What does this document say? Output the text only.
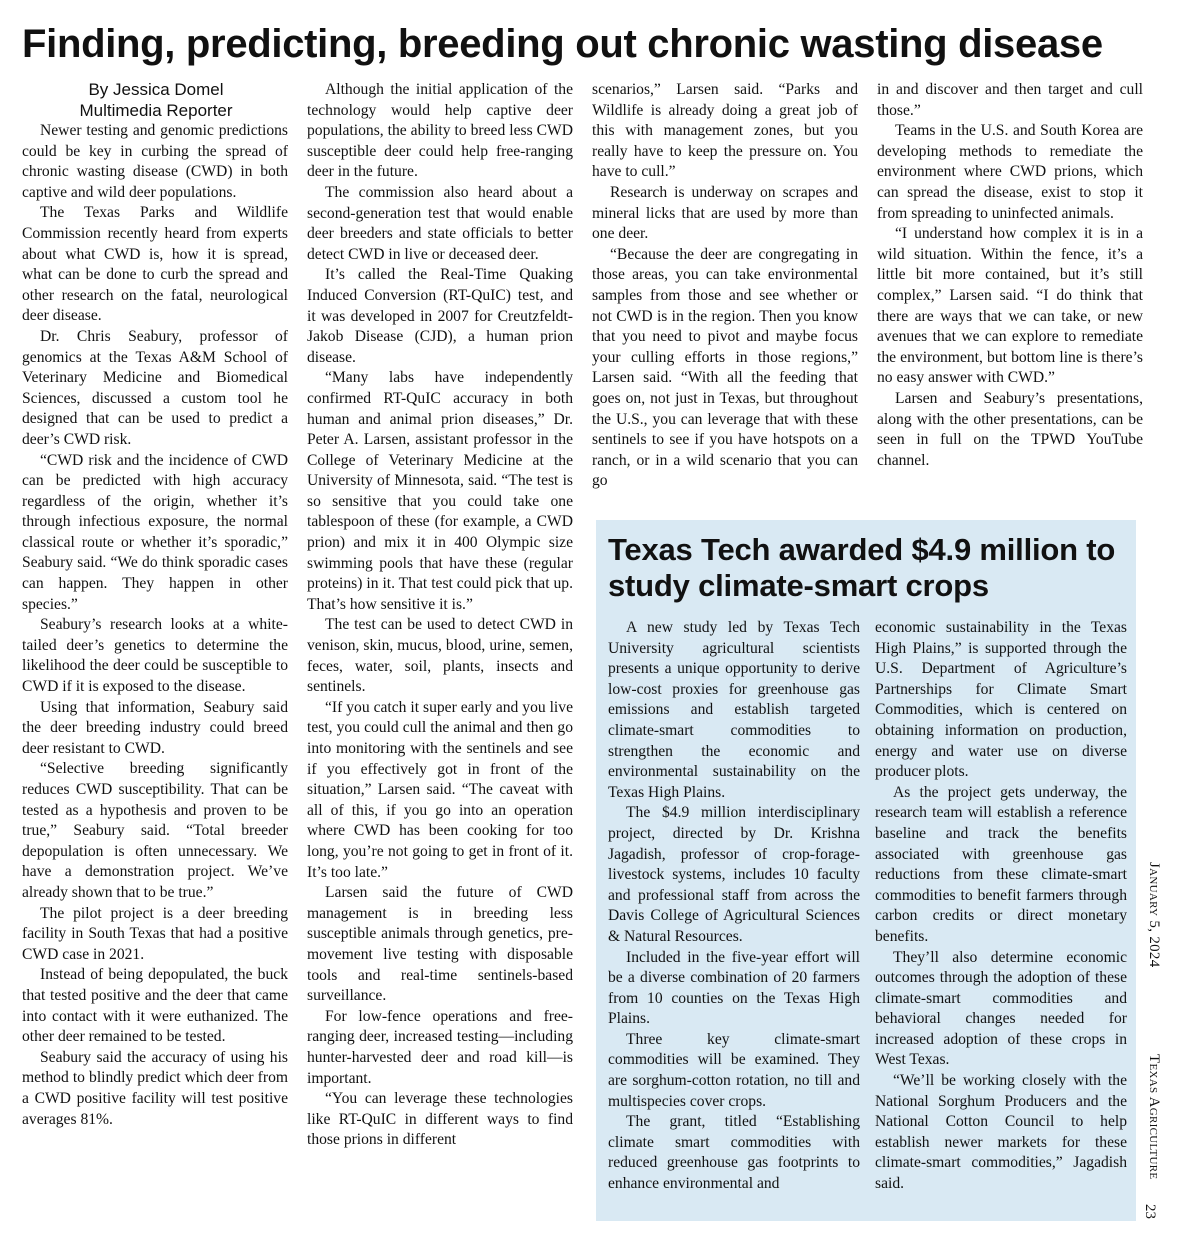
Finding, predicting, breeding out chronic wasting disease
By Jessica Domel
Multimedia Reporter

Newer testing and genomic predictions could be key in curbing the spread of chronic wasting disease (CWD) in both captive and wild deer populations.

The Texas Parks and Wildlife Commission recently heard from experts about what CWD is, how it is spread, what can be done to curb the spread and other research on the fatal, neurological deer disease.

Dr. Chris Seabury, professor of genomics at the Texas A&M School of Veterinary Medicine and Biomedical Sciences, discussed a custom tool he designed that can be used to predict a deer’s CWD risk.

“CWD risk and the incidence of CWD can be predicted with high accuracy regardless of the origin, whether it’s through infectious exposure, the normal classical route or whether it’s sporadic,” Seabury said. “We do think sporadic cases can happen. They happen in other species.”

Seabury’s research looks at a white-tailed deer’s genetics to determine the likelihood the deer could be susceptible to CWD if it is exposed to the disease.

Using that information, Seabury said the deer breeding industry could breed deer resistant to CWD.

“Selective breeding significantly reduces CWD susceptibility. That can be tested as a hypothesis and proven to be true,” Seabury said. “Total breeder depopulation is often unnecessary. We have a demonstration project. We’ve already shown that to be true.”

The pilot project is a deer breeding facility in South Texas that had a positive CWD case in 2021.

Instead of being depopulated, the buck that tested positive and the deer that came into contact with it were euthanized. The other deer remained to be tested.

Seabury said the accuracy of using his method to blindly predict which deer from a CWD positive facility will test positive averages 81%.

Although the initial application of the technology would help captive deer populations, the ability to breed less CWD susceptible deer could help free-ranging deer in the future.

The commission also heard about a second-generation test that would enable deer breeders and state officials to better detect CWD in live or deceased deer.

It’s called the Real-Time Quaking Induced Conversion (RT-QuIC) test, and it was developed in 2007 for Creutzfeldt-Jakob Disease (CJD), a human prion disease.

“Many labs have independently confirmed RT-QuIC accuracy in both human and animal prion diseases,” Dr. Peter A. Larsen, assistant professor in the College of Veterinary Medicine at the University of Minnesota, said. “The test is so sensitive that you could take one tablespoon of these (for example, a CWD prion) and mix it in 400 Olympic size swimming pools that have these (regular proteins) in it. That test could pick that up. That’s how sensitive it is.”

The test can be used to detect CWD in venison, skin, mucus, blood, urine, semen, feces, water, soil, plants, insects and sentinels.

“If you catch it super early and you live test, you could cull the animal and then go into monitoring with the sentinels and see if you effectively got in front of the situation,” Larsen said. “The caveat with all of this, if you go into an operation where CWD has been cooking for too long, you’re not going to get in front of it. It’s too late.”

Larsen said the future of CWD management is in breeding less susceptible animals through genetics, pre-movement live testing with disposable tools and real-time sentinels-based surveillance.

For low-fence operations and free-ranging deer, increased testing—including hunter-harvested deer and road kill—is important.

“You can leverage these technologies like RT-QuIC in different ways to find those prions in different

scenarios,” Larsen said. “Parks and Wildlife is already doing a great job of this with management zones, but you really have to keep the pressure on. You have to cull.”

Research is underway on scrapes and mineral licks that are used by more than one deer.

“Because the deer are congregating in those areas, you can take environmental samples from those and see whether or not CWD is in the region. Then you know that you need to pivot and maybe focus your culling efforts in those regions,” Larsen said. “With all the feeding that goes on, not just in Texas, but throughout the U.S., you can leverage that with these sentinels to see if you have hotspots on a ranch, or in a wild scenario that you can go

in and discover and then target and cull those.”

Teams in the U.S. and South Korea are developing methods to remediate the environment where CWD prions, which can spread the disease, exist to stop it from spreading to uninfected animals.

“I understand how complex it is in a wild situation. Within the fence, it’s a little bit more contained, but it’s still complex,” Larsen said. “I do think that there are ways that we can take, or new avenues that we can explore to remediate the environment, but bottom line is there’s no easy answer with CWD.”

Larsen and Seabury’s presentations, along with the other presentations, can be seen in full on the TPWD YouTube channel.

Texas Tech awarded $4.9 million to study climate-smart crops

A new study led by Texas Tech University agricultural scientists presents a unique opportunity to derive low-cost proxies for greenhouse gas emissions and establish targeted climate-smart commodities to strengthen the economic and environmental sustainability on the Texas High Plains.

The $4.9 million interdisciplinary project, directed by Dr. Krishna Jagadish, professor of crop-forage-livestock systems, includes 10 faculty and professional staff from across the Davis College of Agricultural Sciences & Natural Resources.

Included in the five-year effort will be a diverse combination of 20 farmers from 10 counties on the Texas High Plains.

Three key climate-smart commodities will be examined. They are sorghum-cotton rotation, no till and multispecies cover crops.

The grant, titled “Establishing climate smart commodities with reduced greenhouse gas footprints to enhance environmental and

economic sustainability in the Texas High Plains,” is supported through the U.S. Department of Agriculture’s Partnerships for Climate Smart Commodities, which is centered on obtaining information on production, energy and water use on diverse producer plots.

As the project gets underway, the research team will establish a reference baseline and track the benefits associated with greenhouse gas reductions from these climate-smart commodities to benefit farmers through carbon credits or direct monetary benefits.

They’ll also determine economic outcomes through the adoption of these climate-smart commodities and behavioral changes needed for increased adoption of these crops in West Texas.

“We’ll be working closely with the National Sorghum Producers and the National Cotton Council to help establish newer markets for these climate-smart commodities,” Jagadish said.

January 5, 2024
Texas Agriculture
23
